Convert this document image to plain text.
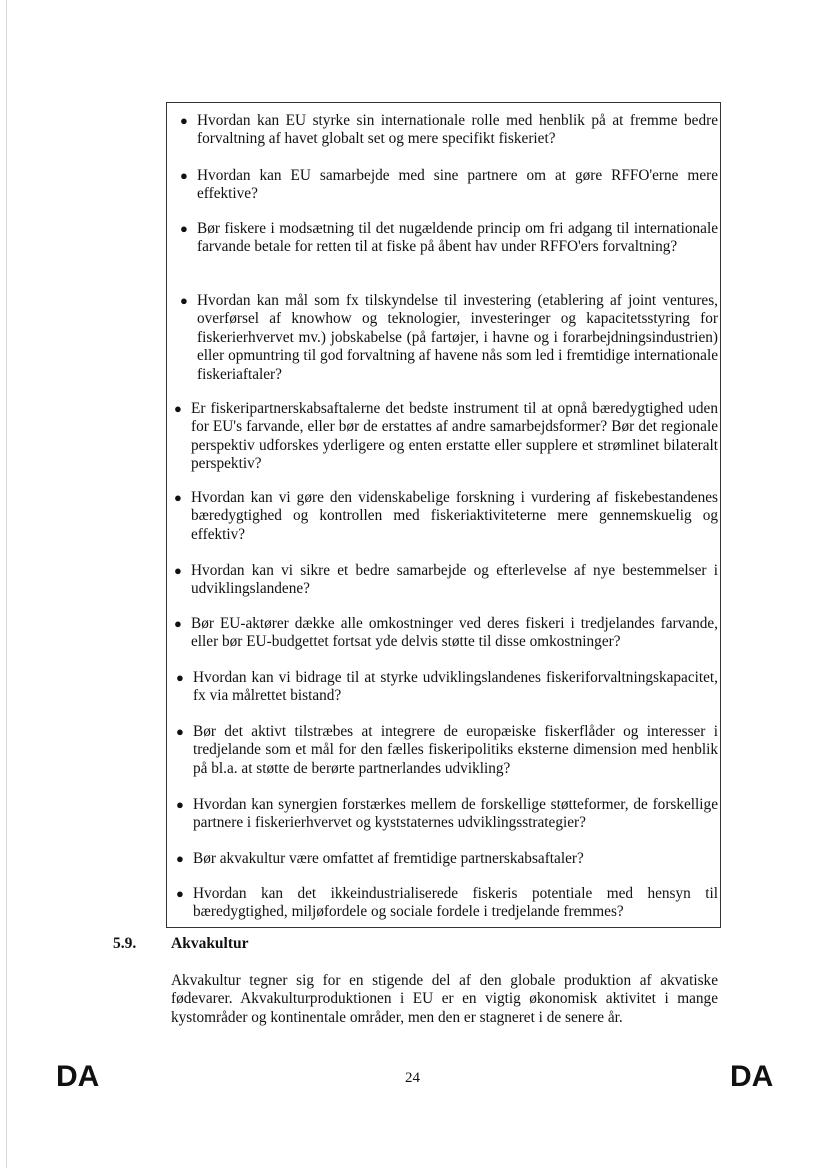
● Hvordan kan EU styrke sin internationale rolle med henblik på at fremme bedre forvaltning af havet globalt set og mere specifikt fiskeriet?

● Hvordan kan EU samarbejde med sine partnere om at gøre RFFO'erne mere effektive?

● Bør fiskere i modsætning til det nugældende princip om fri adgang til internationale farvande betale for retten til at fiske på åbent hav under RFFO'ers forvaltning?

● Hvordan kan mål som fx tilskyndelse til investering (etablering af joint ventures, overførsel af knowhow og teknologier, investeringer og kapacitetsstyring for fiskerierhvervet mv.) jobskabelse (på fartøjer, i havne og i forarbejdningsindustrien) eller opmuntring til god forvaltning af havene nås som led i fremtidige internationale fiskeriaftaler?

● Er fiskeripartnerskabsaftalerne det bedste instrument til at opnå bæredygtighed uden for EU's farvande, eller bør de erstattes af andre samarbejdsformer? Bør det regionale perspektiv udforskes yderligere og enten erstatte eller supplere et strømlinet bilateralt perspektiv?

● Hvordan kan vi gøre den videnskabelige forskning i vurdering af fiskebestandenes bæredygtighed og kontrollen med fiskeriaktiviteterne mere gennemskuelig og effektiv?

● Hvordan kan vi sikre et bedre samarbejde og efterlevelse af nye bestemmelser i udviklingslandene?

● Bør EU-aktører dække alle omkostninger ved deres fiskeri i tredjelandes farvande, eller bør EU-budgettet fortsat yde delvis støtte til disse omkostninger?

● Hvordan kan vi bidrage til at styrke udviklingslandenes fiskeriforvaltningskapacitet, fx via målrettet bistand?

● Bør det aktivt tilstræbes at integrere de europæiske fiskerflåder og interesser i tredjelande som et mål for den fælles fiskeripolitiks eksterne dimension med henblik på bl.a. at støtte de berørte partnerlandes udvikling?

● Hvordan kan synergien forstærkes mellem de forskellige støtteformer, de forskellige partnere i fiskerierhvervet og kyststaternes udviklingsstrategier?

● Bør akvakultur være omfattet af fremtidige partnerskabsaftaler?

● Hvordan kan det ikkeindustrialiserede fiskeris potentiale med hensyn til bæredygtighed, miljøfordele og sociale fordele i tredjelande fremmes?

5.9. Akvakultur

Akvakultur tegner sig for en stigende del af den globale produktion af akvatiske fødevarer. Akvakulturproduktionen i EU er en vigtig økonomisk aktivitet i mange kystområder og kontinentale områder, men den er stagneret i de senere år.

DA	24	DA
